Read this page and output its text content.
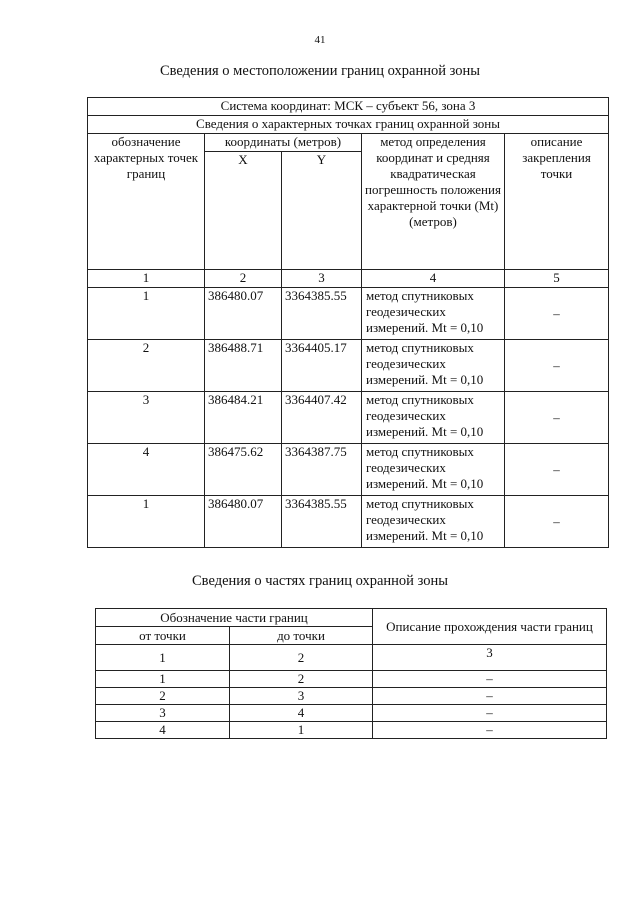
41
Сведения о местоположении границ охранной зоны
Система координат: МСК – субъект 56, зона 3				
Сведения о характерных точках границ охранной зоны				
обозначение характерных точек границ	координаты (метров)		метод определения координат и средняя квадратическая погрешность положения характерной точки (Mt) (метров)	описание закрепления точки
	X	Y		
1	2	3	4	5
1	386480.07	3364385.55	метод спутниковых
геодезических
измерений. Mt = 0,10	–
2	386488.71	3364405.17	метод спутниковых
геодезических
измерений. Mt = 0,10	–
3	386484.21	3364407.42	метод спутниковых
геодезических
измерений. Mt = 0,10	–
4	386475.62	3364387.75	метод спутниковых
геодезических
измерений. Mt = 0,10	–
1	386480.07	3364385.55	метод спутниковых
геодезических
измерений. Mt = 0,10	–
Сведения о частях границ охранной зоны
Обозначение части границ		Описание прохождения части границ
от точки	до точки	
1	2	3
1	2	–
2	3	–
3	4	–
4	1	–
